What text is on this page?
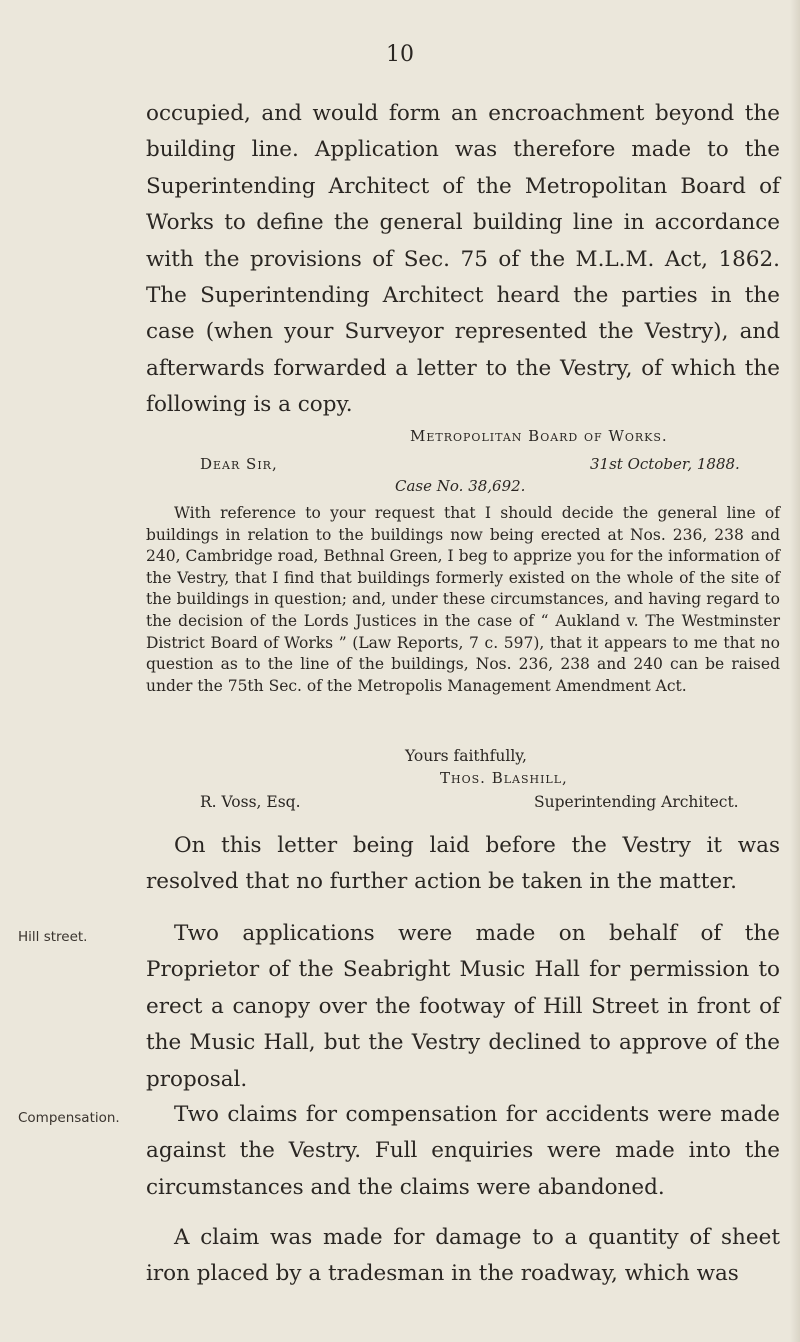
10

occupied, and would form an encroachment beyond the building line. Application was therefore made to the Superintending Architect of the Metropolitan Board of Works to define the general building line in accordance with the provisions of Sec. 75 of the M.L.M. Act, 1862. The Superintending Architect heard the parties in the case (when your Surveyor represented the Vestry), and afterwards forwarded a letter to the Vestry, of which the following is a copy.

Metropolitan Board of Works.
Dear Sir,	31st October, 1888.
Case No. 38,692.

With reference to your request that I should decide the general line of buildings in relation to the buildings now being erected at Nos. 236, 238 and 240, Cambridge road, Bethnal Green, I beg to apprize you for the information of the Vestry, that I find that buildings formerly existed on the whole of the site of the buildings in question; and, under these circumstances, and having regard to the decision of the Lords Justices in the case of “ Aukland v. The Westminster District Board of Works ” (Law Reports, 7 c. 597), that it appears to me that no question as to the line of the buildings, Nos. 236, 238 and 240 can be raised under the 75th Sec. of the Metropolis Management Amendment Act.

Yours faithfully,
Thos. Blashill,
R. Voss, Esq.	Superintending Architect.

On this letter being laid before the Vestry it was resolved that no further action be taken in the matter.

Hill street.	Two applications were made on behalf of the Proprietor of the Seabright Music Hall for permission to erect a canopy over the footway of Hill Street in front of the Music Hall, but the Vestry declined to approve of the proposal.

Compensation.	Two claims for compensation for accidents were made against the Vestry. Full enquiries were made into the circumstances and the claims were abandoned.

A claim was made for damage to a quantity of sheet iron placed by a tradesman in the roadway, which was
